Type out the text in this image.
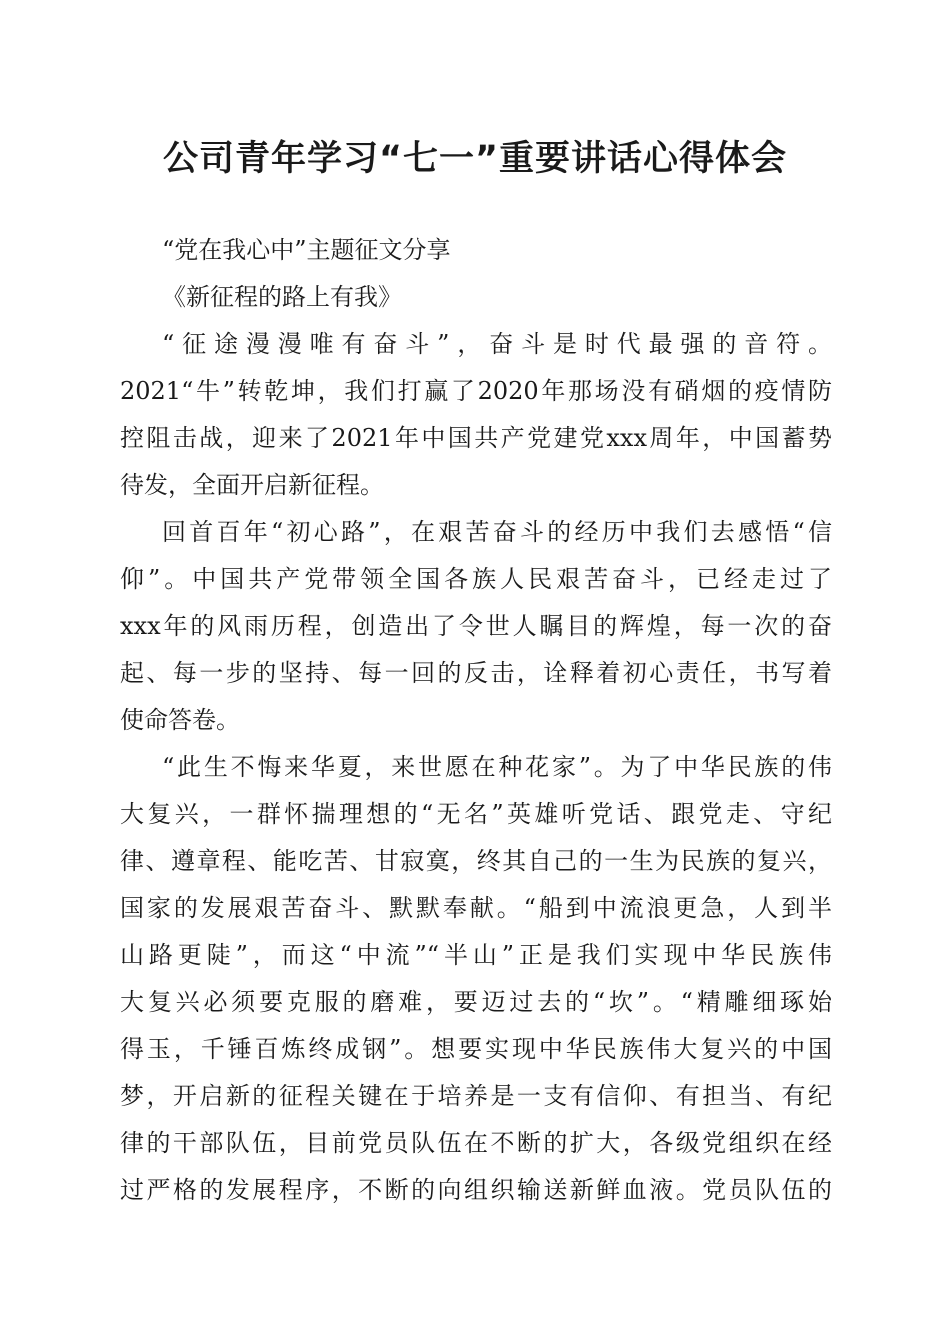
公司青年学习“七一”重要讲话心得体会
“党在我心中”主题征文分享
《新征程的路上有我》
“征途漫漫唯有奋斗”，奋斗是时代最强的音符。
2021“牛”转乾坤，我们打赢了2020年那场没有硝烟的疫情防
控阻击战，迎来了2021年中国共产党建党xxx周年，中国蓄势
待发，全面开启新征程。
回首百年“初心路”，在艰苦奋斗的经历中我们去感悟“信
仰”。中国共产党带领全国各族人民艰苦奋斗，已经走过了
xxx年的风雨历程，创造出了令世人瞩目的辉煌，每一次的奋
起、每一步的坚持、每一回的反击，诠释着初心责任，书写着
使命答卷。
“此生不悔来华夏，来世愿在种花家”。为了中华民族的伟
大复兴，一群怀揣理想的“无名”英雄听党话、跟党走、守纪
律、遵章程、能吃苦、甘寂寞，终其自己的一生为民族的复兴，
国家的发展艰苦奋斗、默默奉献。“船到中流浪更急，人到半
山路更陡”，而这“中流”“半山”正是我们实现中华民族伟
大复兴必须要克服的磨难，要迈过去的“坎”。“精雕细琢始
得玉，千锤百炼终成钢”。想要实现中华民族伟大复兴的中国
梦，开启新的征程关键在于培养是一支有信仰、有担当、有纪
律的干部队伍，目前党员队伍在不断的扩大，各级党组织在经
过严格的发展程序，不断的向组织输送新鲜血液。党员队伍的
